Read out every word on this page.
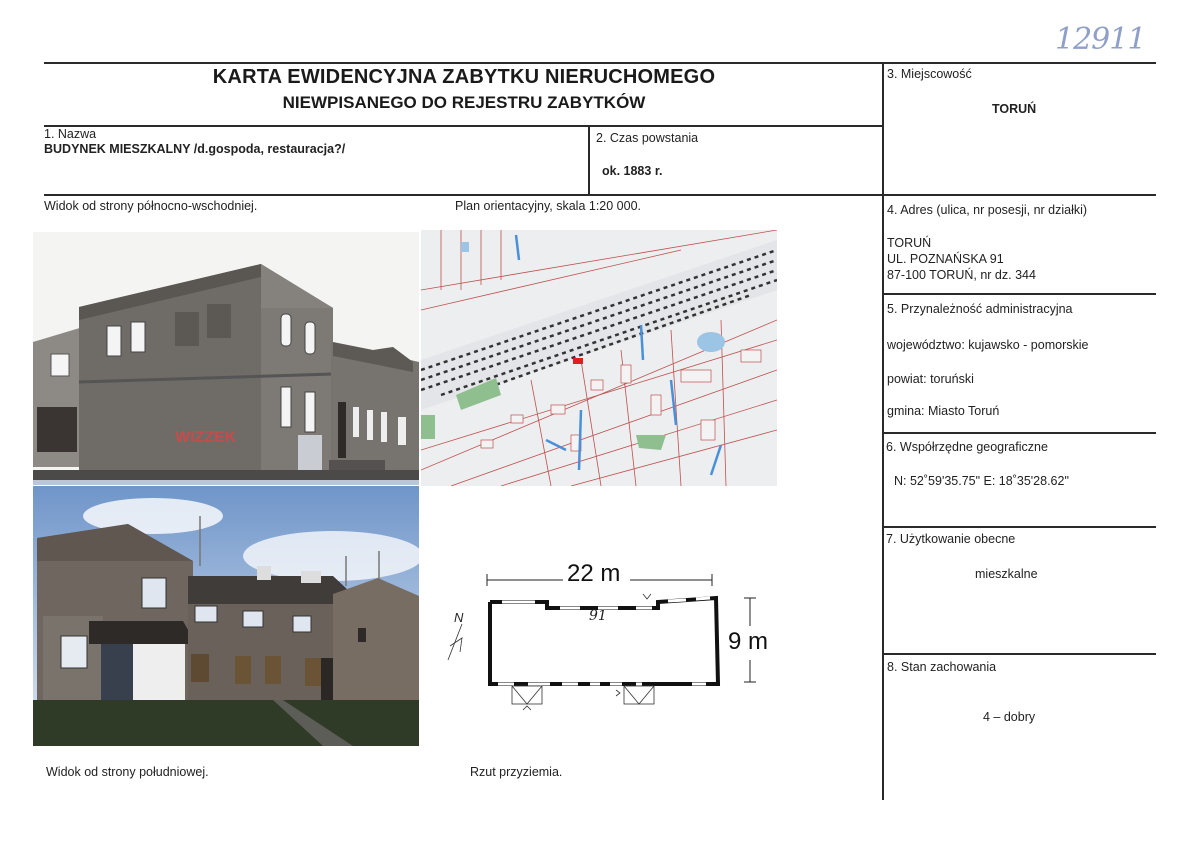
12911
KARTA EWIDENCYJNA ZABYTKU NIERUCHOMEGO
NIEWPISANEGO DO REJESTRU ZABYTKÓW
1. Nazwa
BUDYNEK MIESZKALNY /d.gospoda, restauracja?/
2. Czas powstania
ok. 1883 r.
3. Miejscowość
TORUŃ
4. Adres (ulica, nr posesji, nr działki)
TORUŃ
UL. POZNAŃSKA 91
87-100 TORUŃ, nr dz. 344
5. Przynależność administracyjna
województwo: kujawsko - pomorskie
powiat: toruński
gmina: Miasto Toruń
6. Współrzędne geograficzne
N: 52˚59'35.75" E: 18˚35'28.62"
7. Użytkowanie obecne
mieszkalne
8. Stan zachowania
4 – dobry
Widok od strony północno-wschodniej.	Plan orientacyjny, skala 1:20 000.
Widok od strony południowej.	Rzut przyziemia.
WIZZEK
22 m
9 m
91
N
